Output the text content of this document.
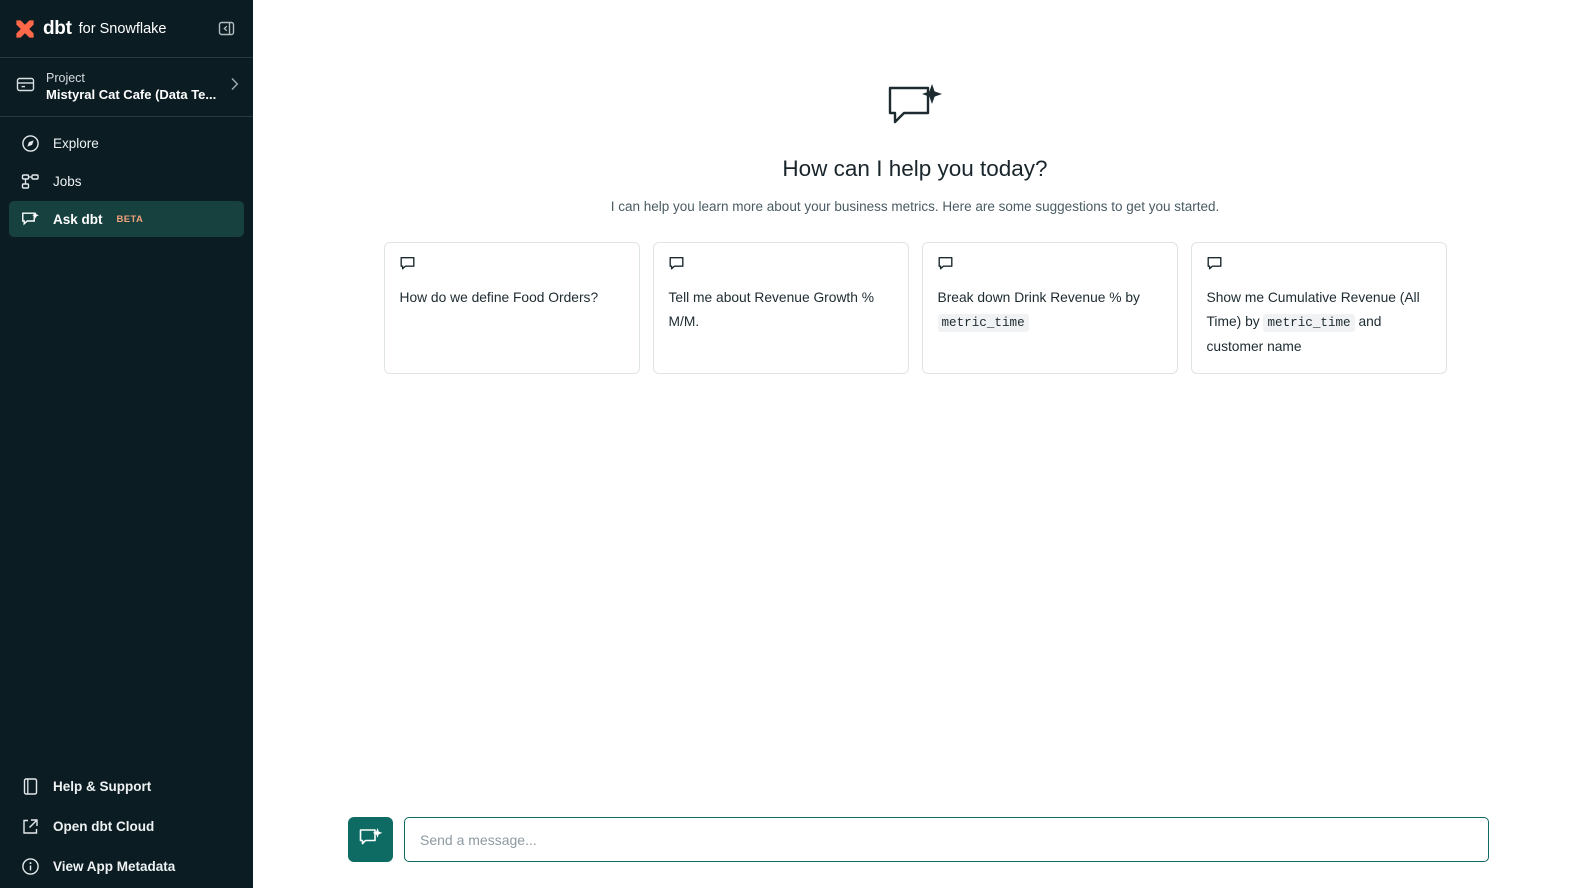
dbt for Snowflake
Project
Mistyral Cat Cafe (Data Te...
Explore
Jobs
Ask dbt BETA
Help & Support
Open dbt Cloud
View App Metadata
How can I help you today?

I can help you learn more about your business metrics. Here are some suggestions to get you started.

How do we define Food Orders?	Tell me about Revenue Growth % M/M.
Break down Drink Revenue % by metric_time
Show me Cumulative Revenue (All Time) by metric_time and customer name
Send a message...
